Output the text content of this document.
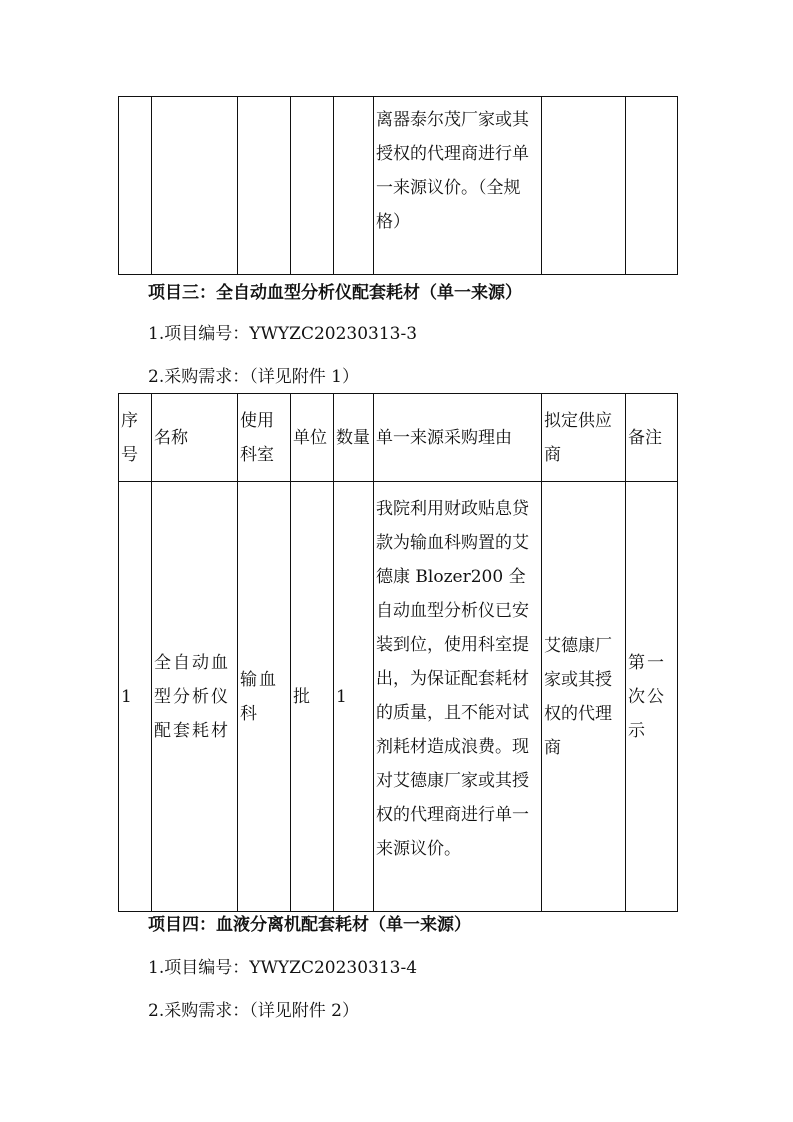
					离器泰尔茂厂家或其授权的代理商进行单一来源议价。（全规格）		

项目三：全自动血型分析仪配套耗材（单一来源）

1.项目编号：YWYZC20230313-3

2.采购需求：（详见附件 1）

序号	名称	使用科室	单位	数量	单一来源采购理由	拟定供应商	备注
1	全自动血型分析仪配套耗材	输血科	批	1	我院利用财政贴息贷款为输血科购置的艾德康 Blozer200 全自动血型分析仪已安装到位，使用科室提出，为保证配套耗材的质量，且不能对试剂耗材造成浪费。现对艾德康厂家或其授权的代理商进行单一来源议价。	艾德康厂家或其授权的代理商	第一次公示

项目四：血液分离机配套耗材（单一来源）

1.项目编号：YWYZC20230313-4

2.采购需求：（详见附件 2）
